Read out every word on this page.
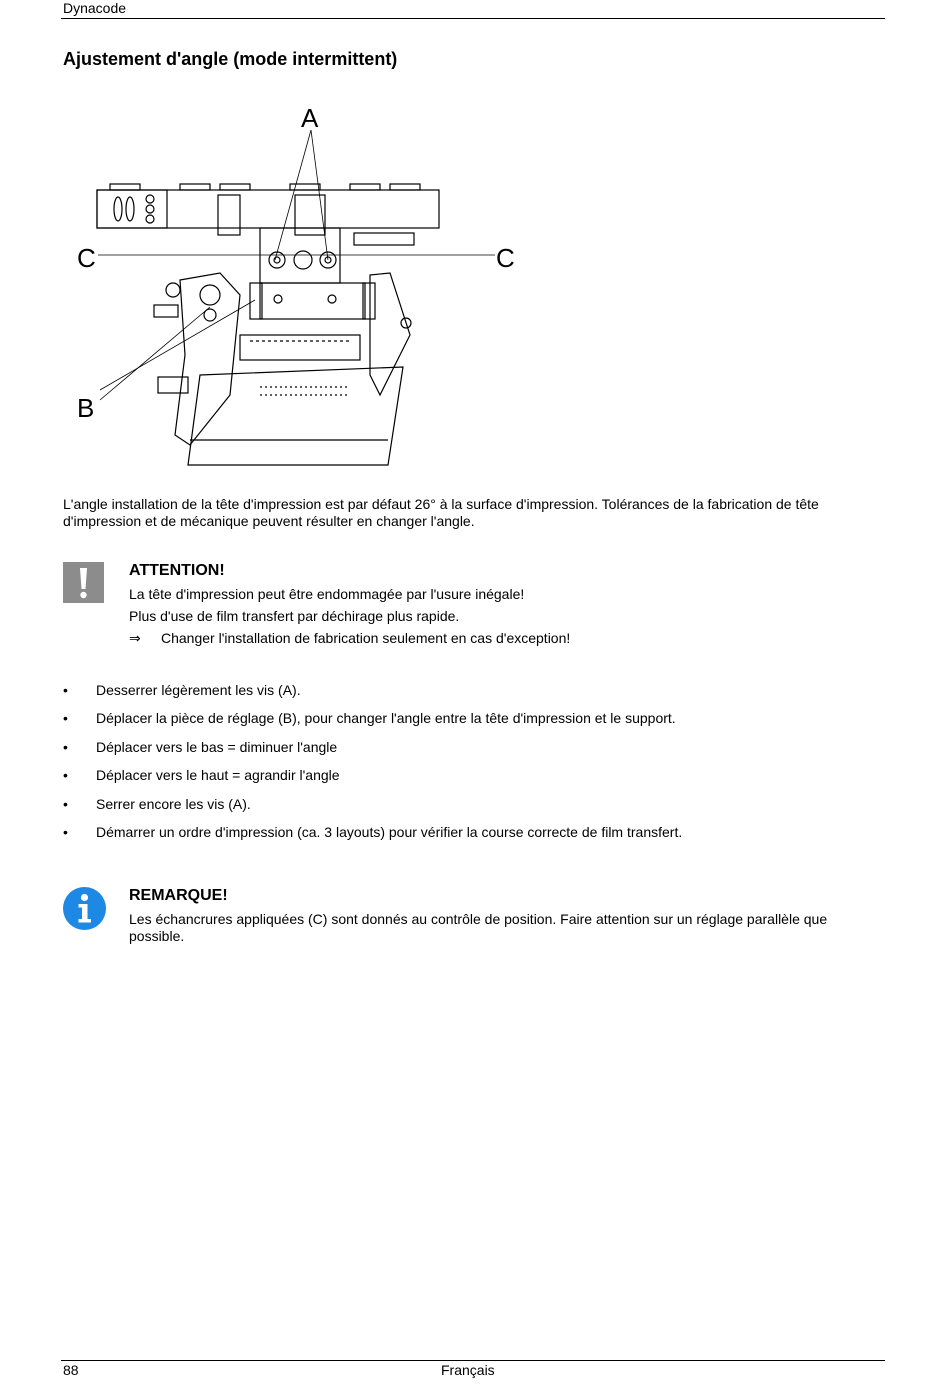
Dynacode
Ajustement d'angle (mode intermittent)
A
C	C
B

L'angle installation de la tête d'impression est par défaut 26° à la surface d'impression. Tolérances de la fabrication de tête d'impression et de mécanique peuvent résulter en changer l'angle.

ATTENTION!

La tête d'impression peut être endommagée par l'usure inégale!

Plus d'use de film transfert par déchirage plus rapide.

⇒ Changer l'installation de fabrication seulement en cas d'exception!

• Desserrer légèrement les vis (A).
• Déplacer la pièce de réglage (B), pour changer l'angle entre la tête d'impression et le support.
• Déplacer vers le bas = diminuer l'angle
• Déplacer vers le haut = agrandir l'angle
• Serrer encore les vis (A).
• Démarrer un ordre d'impression (ca. 3 layouts) pour vérifier la course correcte de film transfert.

REMARQUE!

Les échancrures appliquées (C) sont donnés au contrôle de position. Faire attention sur un réglage parallèle que possible.

88	Français
